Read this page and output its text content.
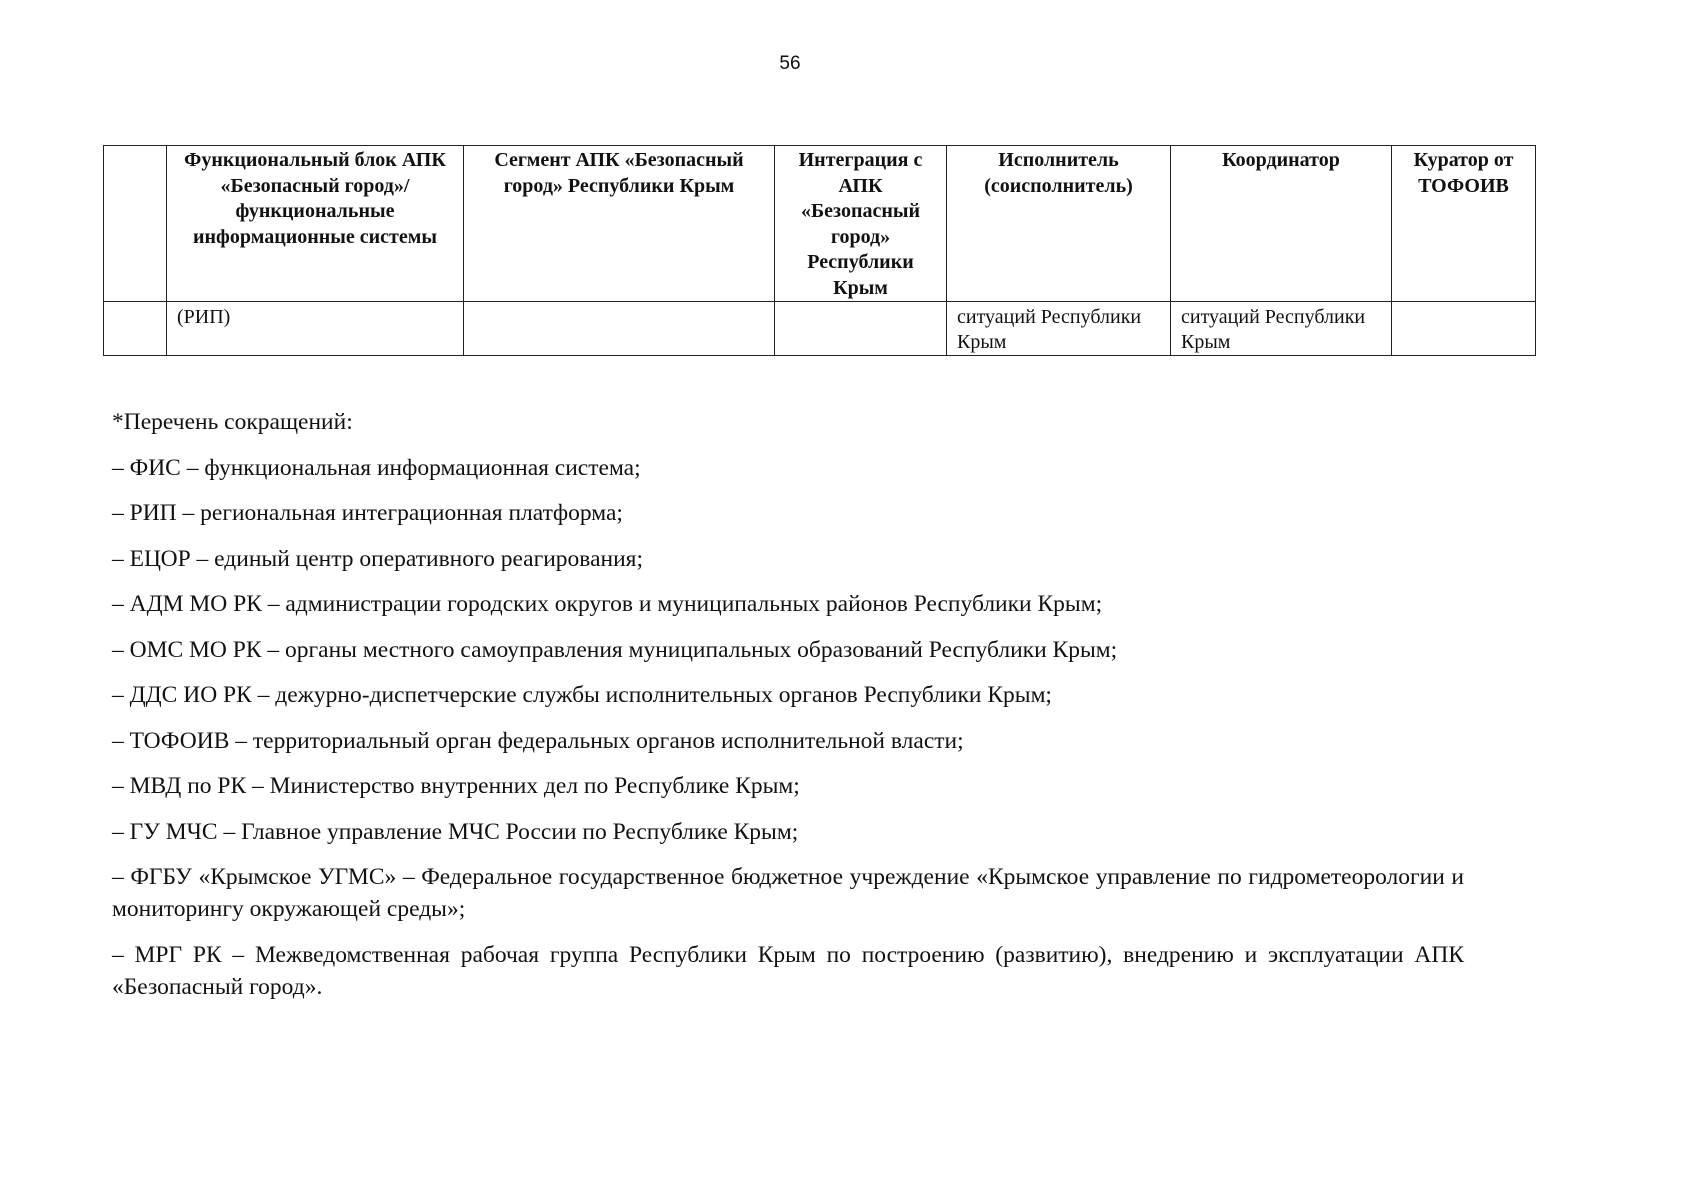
56
	Функциональный блок АПК «Безопасный город»/ функциональные информационные системы	Сегмент АПК «Безопасный город» Республики Крым	Интеграция с АПК «Безопасный город» Республики Крым	Исполнитель (соисполнитель)	Координатор	Куратор от ТОФОИВ
	(РИП)			ситуаций Республики Крым	ситуаций Республики Крым	

*Перечень сокращений:

– ФИС – функциональная информационная система;

– РИП – региональная интеграционная платформа;

– ЕЦОР – единый центр оперативного реагирования;

– АДМ МО РК – администрации городских округов и муниципальных районов Республики Крым;

– ОМС МО РК – органы местного самоуправления муниципальных образований Республики Крым;

– ДДС ИО РК – дежурно-диспетчерские службы исполнительных органов Республики Крым;

– ТОФОИВ – территориальный орган федеральных органов исполнительной власти;

– МВД по РК – Министерство внутренних дел по Республике Крым;

– ГУ МЧС – Главное управление МЧС России по Республике Крым;

– ФГБУ «Крымское УГМС» – Федеральное государственное бюджетное учреждение «Крымское управление по гидрометеорологии и мониторингу окружающей среды»;

– МРГ РК – Межведомственная рабочая группа Республики Крым по построению (развитию), внедрению и эксплуатации АПК «Безопасный город».
